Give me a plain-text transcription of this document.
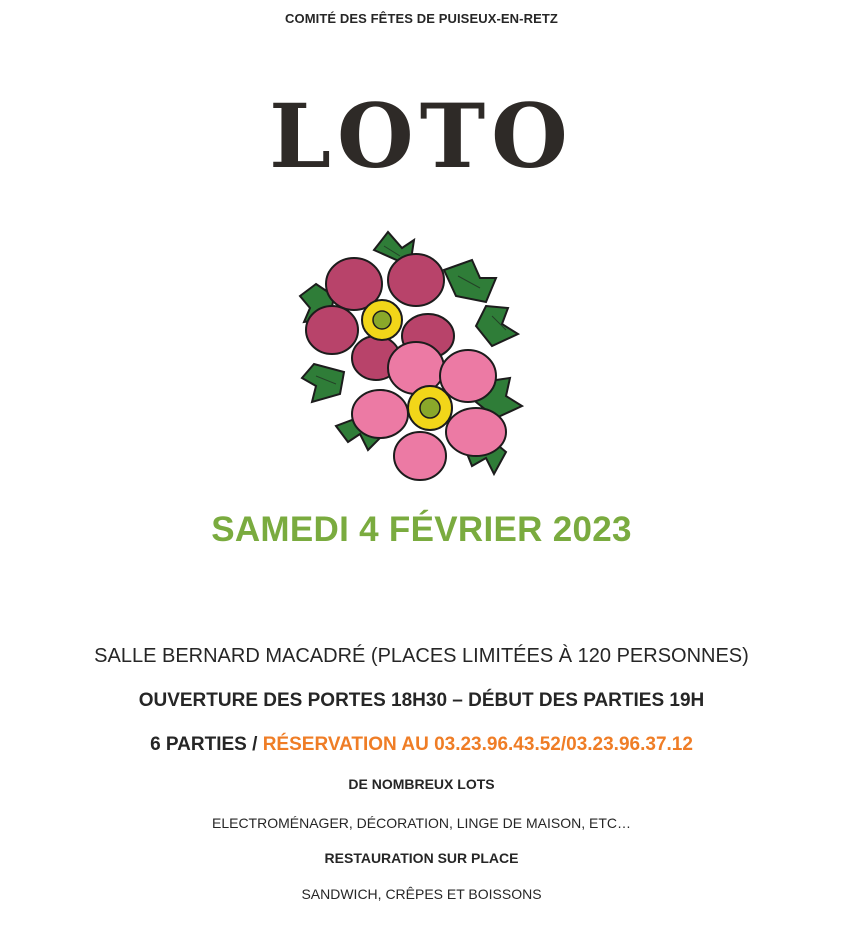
COMITÉ DES FÊTES DE PUISEUX-EN-RETZ
LOTO
SAMEDI 4 FÉVRIER 2023
SALLE BERNARD MACADRÉ (PLACES LIMITÉES À 120 PERSONNES)
OUVERTURE DES PORTES 18H30 – DÉBUT DES PARTIES 19H
6 PARTIES / RÉSERVATION AU 03.23.96.43.52/03.23.96.37.12
DE NOMBREUX LOTS
ELECTROMÉNAGER, DÉCORATION, LINGE DE MAISON, ETC…
RESTAURATION SUR PLACE
SANDWICH, CRÊPES ET BOISSONS
